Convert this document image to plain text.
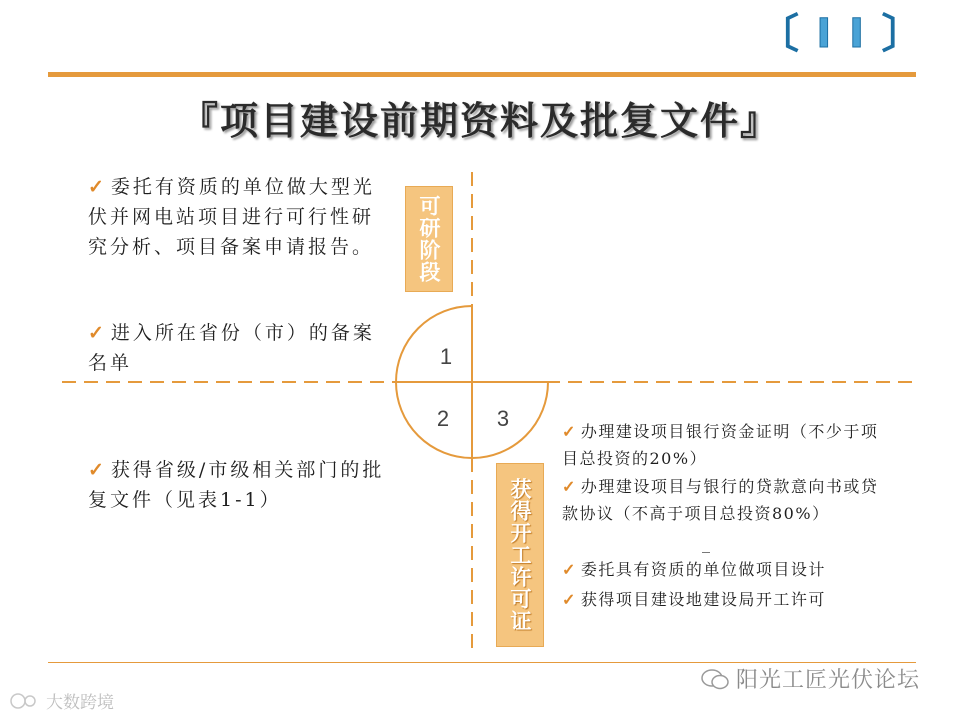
〔 I I 〕
『项目建设前期资料及批复文件』
1
2 3
可研阶段
获得开工许可证
✓ 委托有资质的单位做大型光伏并网电站项目进行可行性研究分析、项目备案申请报告。
✓ 进入所在省份（市）的备案名单
✓ 获得省级/市级相关部门的批复文件（见表1-1）
✓ 办理建设项目银行资金证明（不少于项目总投资的20%）
✓ 办理建设项目与银行的贷款意向书或贷款协议（不高于项目总投资80%）
_
✓ 委托具有资质的单位做项目设计
✓ 获得项目建设地建设局开工许可
阳光工匠光伏论坛
大数跨境
